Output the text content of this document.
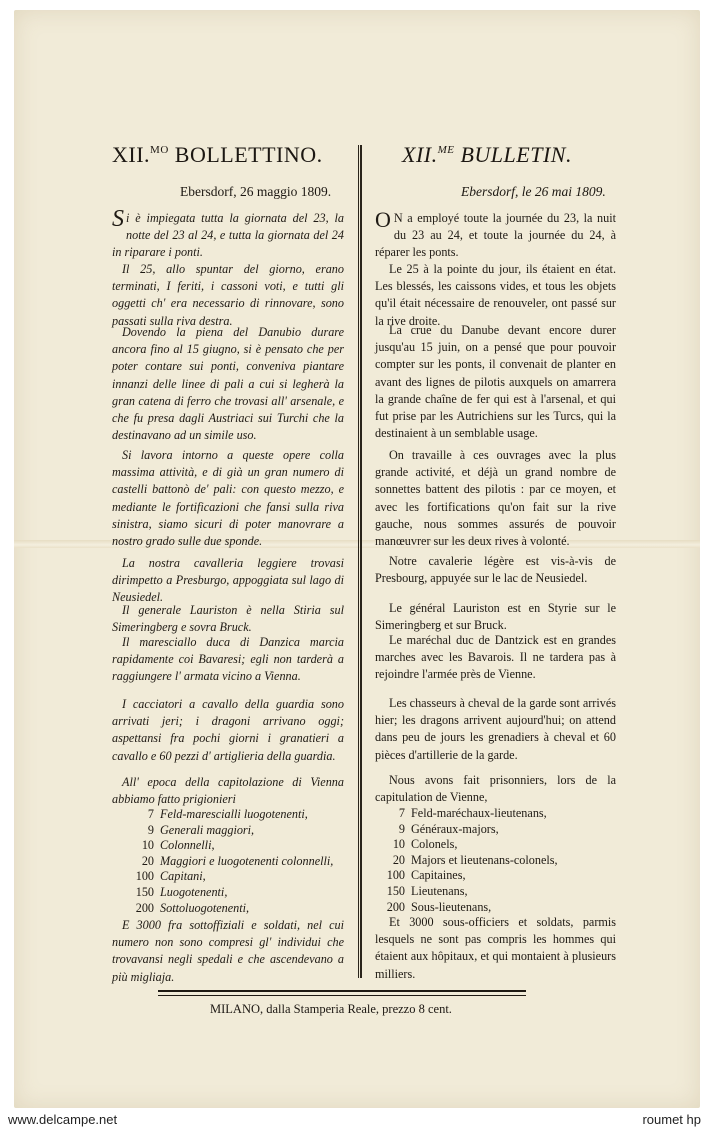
XII.$^{MO}$ BOLLETTINO.	XII.$^{ME}$ BULLETIN.
Ebersdorf, 26 maggio 1809.	Ebersdorf, le 26 mai 1809.
Si è impiegata tutta la giornata del 23, la notte del 23 al 24, e tutta la giornata del 24 in riparare i ponti.
Il 25, allo spuntar del giorno, erano terminati, I feriti, i cassoni voti, e tutti gli oggetti ch' era necessario di rinnovare, sono passati sulla riva destra.
Dovendo la piena del Danubio durare ancora fino al 15 giugno, si è pensato che per poter contare sui ponti, conveniva piantare innanzi delle linee di pali a cui si legherà la gran catena di ferro che trovasi all' arsenale, e che fu presa dagli Austriaci sui Turchi che la destinavano ad un simile uso.
Si lavora intorno a queste opere colla massima attività, e di già un gran numero di castelli battonò de' pali: con questo mezzo, e mediante le fortificazioni che fansi sulla riva sinistra, siamo sicuri di poter manovrare a nostro grado sulle due sponde.
La nostra cavalleria leggiere trovasi dirimpetto a Presburgo, appoggiata sul lago di Neusiedel.
Il generale Lauriston è nella Stiria sul Simeringberg e sovra Bruck.
Il maresciallo duca di Danzica marcia rapidamente coi Bavaresi; egli non tarderà a raggiungere l' armata vicino a Vienna.
I cacciatori a cavallo della guardia sono arrivati jeri; i dragoni arrivano oggi; aspettansi fra pochi giorni i granatieri a cavallo e 60 pezzi d' artiglieria della guardia.
All' epoca della capitolazione di Vienna abbiamo fatto prigionieri
7 Feld-marescialli luogotenenti,
9 Generali maggiori,
10 Colonnelli,
20 Maggiori e luogotenenti colonnelli,
100 Capitani,
150 Luogotenenti,
200 Sottoluogotenenti,
E 3000 fra sottoffiziali e soldati, nel cui numero non sono compresi gl' individui che trovavansi negli spedali e che ascendevano a più migliaja.
O N a employé toute la journée du 23, la nuit du 23 au 24, et toute la journée du 24, à réparer les ponts.
Le 25 à la pointe du jour, ils étaient en état. Les blessés, les caissons vides, et tous les objets qu'il était nécessaire de renouveler, ont passé sur la rive droite.
La crue du Danube devant encore durer jusqu'au 15 juin, on a pensé que pour pouvoir compter sur les ponts, il convenait de planter en avant des lignes de pilotis auxquels on amarrera la grande chaîne de fer qui est à l'arsenal, et qui fut prise par les Autrichiens sur les Turcs, qui la destinaient à un semblable usage.
On travaille à ces ouvrages avec la plus grande activité, et déjà un grand nombre de sonnettes battent des pilotis : par ce moyen, et avec les fortifications qu'on fait sur la rive gauche, nous sommes assurés de pouvoir manœuvrer sur les deux rives à volonté.
Notre cavalerie légère est vis-à-vis de Presbourg, appuyée sur le lac de Neusiedel.
Le général Lauriston est en Styrie sur le Simeringberg et sur Bruck.
Le maréchal duc de Dantzick est en grandes marches avec les Bavarois. Il ne tardera pas à rejoindre l'armée près de Vienne.
Les chasseurs à cheval de la garde sont arrivés hier; les dragons arrivent aujourd'hui; on attend dans peu de jours les grenadiers à cheval et 60 pièces d'artillerie de la garde.
Nous avons fait prisonniers, lors de la capitulation de Vienne,
7 Feld-maréchaux-lieutenans,
9 Généraux-majors,
10 Colonels,
20 Majors et lieutenans-colonels,
100 Capitaines,
150 Lieutenans,
200 Sous-lieutenans,
Et 3000 sous-officiers et soldats, parmis lesquels ne sont pas compris les hommes qui étaient aux hôpitaux, et qui montaient à plusieurs milliers.
MILANO, dalla Stamperia Reale, prezzo 8 cent.
www.delcampe.net	roumet hp
